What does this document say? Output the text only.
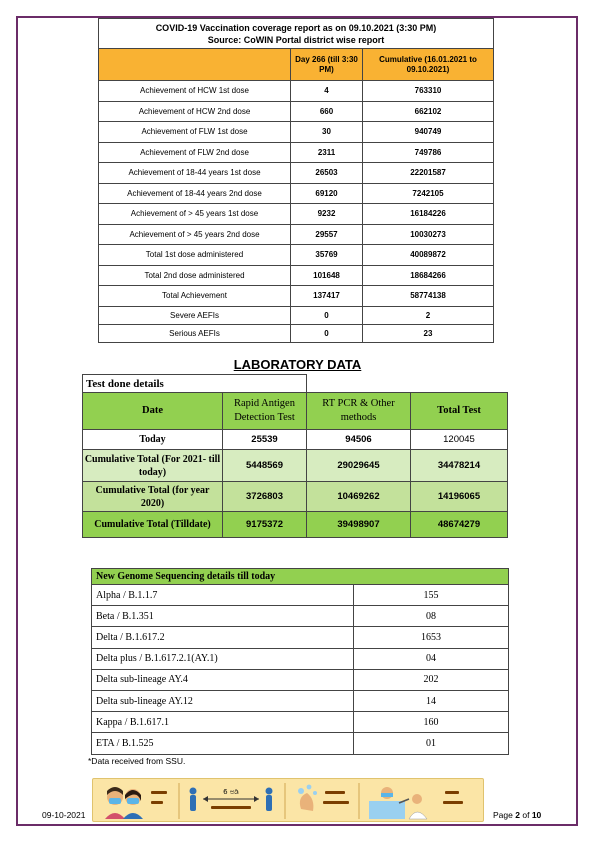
COVID-19 Vaccination coverage report as on 09.10.2021 (3:30 PM)
Source: CoWIN Portal district wise report		

	Day 266 (till 3:30 PM)	Cumulative (16.01.2021 to 09.10.2021)
Achievement of HCW 1st dose	4	763310
Achievement of HCW 2nd dose	660	662102
Achievement of FLW 1st dose	30	940749
Achievement of FLW 2nd dose	2311	749786
Achievement of 18-44 years 1st dose	26503	22201587
Achievement of 18-44 years 2nd dose	69120	7242105
Achievement of > 45 years 1st dose	9232	16184226
Achievement of > 45 years 2nd dose	29557	10030273
Total 1st dose administered	35769	40089872
Total 2nd dose administered	101648	18684266
Total Achievement	137417	58774138
Severe AEFIs	0	2
Serious AEFIs	0	23
LABORATORY DATA
Test done details			
Date	Rapid Antigen Detection Test	RT PCR & Other methods	Total Test
Today	25539	94506	120045
Cumulative Total (For 2021- till today)	5448569	29029645	34478214
Cumulative Total (for year 2020)	3726803	10469262	14196065
Cumulative Total (Tilldate)	9175372	39498907	48674279
New Genome Sequencing details till today	
Alpha / B.1.1.7	155
Beta / B.1.351	08
Delta / B.1.617.2	1653
Delta plus / B.1.617.2.1(AY.1)	04
Delta sub-lineage AY.4	202
Delta sub-lineage AY.12	14
Kappa / B.1.617.1	160
ETA / B.1.525	01
*Data received from SSU.
09-10-2021	Page 2 of 10
6 ಅಡಿ
